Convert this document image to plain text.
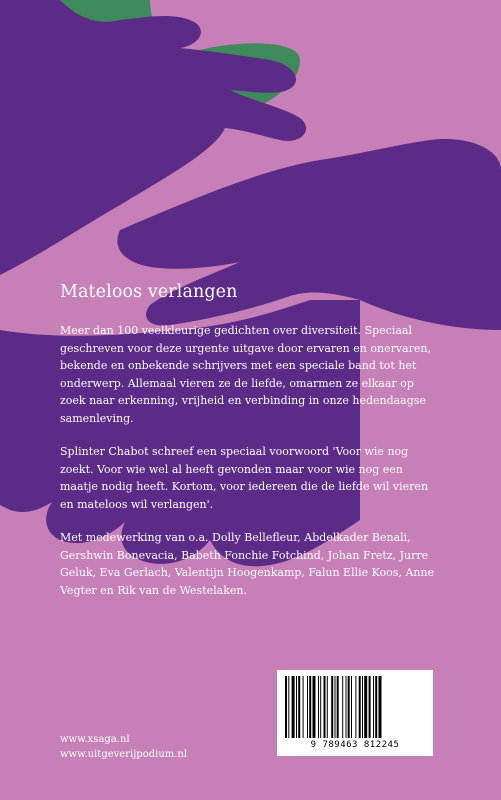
Mateloos verlangen

Meer dan 100 veelkleurige gedichten over diversiteit. Speciaal geschreven voor deze urgente uitgave door ervaren en onervaren, bekende en onbekende schrijvers met een speciale band tot het onderwerp. Allemaal vieren ze de liefde, omarmen ze elkaar op zoek naar erkenning, vrijheid en verbinding in onze hedendaagse samenleving.

Splinter Chabot schreef een speciaal voorwoord 'Voor wie nog zoekt. Voor wie wel al heeft gevonden maar voor wie nog een maatje nodig heeft. Kortom, voor iedereen die de liefde wil vieren en mateloos wil verlangen'.

Met medewerking van o.a. Dolly Bellefleur, Abdelkader Benali, Gershwin Bonevacia, Babeth Fonchie Fotchind, Johan Fretz, Jurre Geluk, Eva Gerlach, Valentijn Hoogenkamp, Falun Ellie Koos, Anne Vegter en Rik van de Westelaken.

www.xsaga.nl
www.uitgeverijpodium.nl
9 789463 812245
